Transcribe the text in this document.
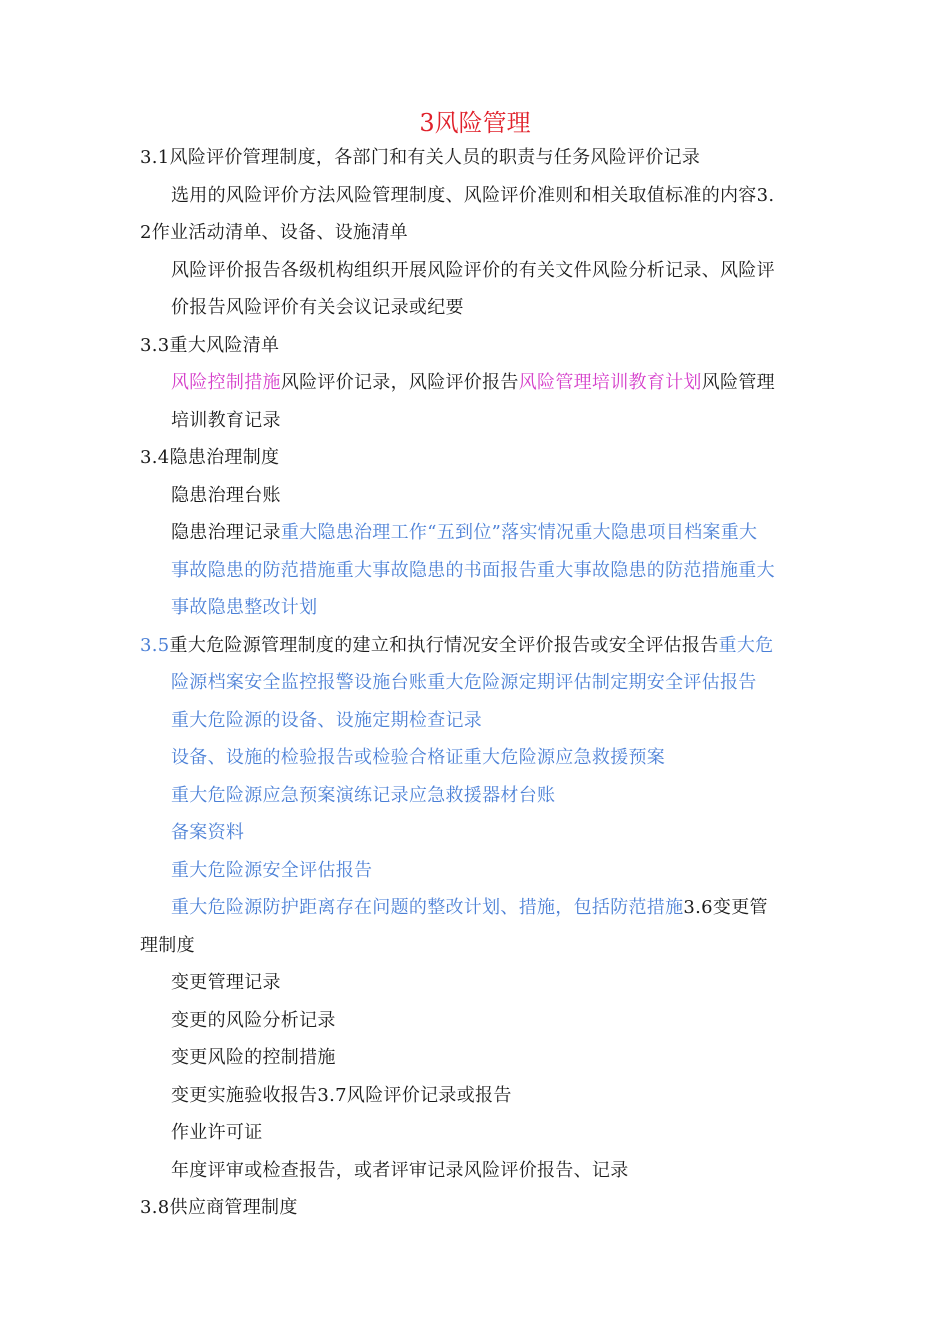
3风险管理
3.1风险评价管理制度，各部门和有关人员的职责与任务风险评价记录
选用的风险评价方法风险管理制度、风险评价准则和相关取值标准的内容3.
2作业活动清单、设备、设施清单
风险评价报告各级机构组织开展风险评价的有关文件风险分析记录、风险评
价报告风险评价有关会议记录或纪要
3.3重大风险清单
风险控制措施风险评价记录，风险评价报告风险管理培训教育计划风险管理
培训教育记录
3.4隐患治理制度
隐患治理台账
隐患治理记录重大隐患治理工作“五到位”落实情况重大隐患项目档案重大
事故隐患的防范措施重大事故隐患的书面报告重大事故隐患的防范措施重大
事故隐患整改计划
3.5重大危险源管理制度的建立和执行情况安全评价报告或安全评估报告重大危
险源档案安全监控报警设施台账重大危险源定期评估制定期安全评估报告
重大危险源的设备、设施定期检查记录
设备、设施的检验报告或检验合格证重大危险源应急救援预案
重大危险源应急预案演练记录应急救援器材台账
备案资料
重大危险源安全评估报告
重大危险源防护距离存在问题的整改计划、措施，包括防范措施3.6变更管
理制度
变更管理记录
变更的风险分析记录
变更风险的控制措施
变更实施验收报告3.7风险评价记录或报告
作业许可证
年度评审或检查报告，或者评审记录风险评价报告、记录
3.8供应商管理制度
